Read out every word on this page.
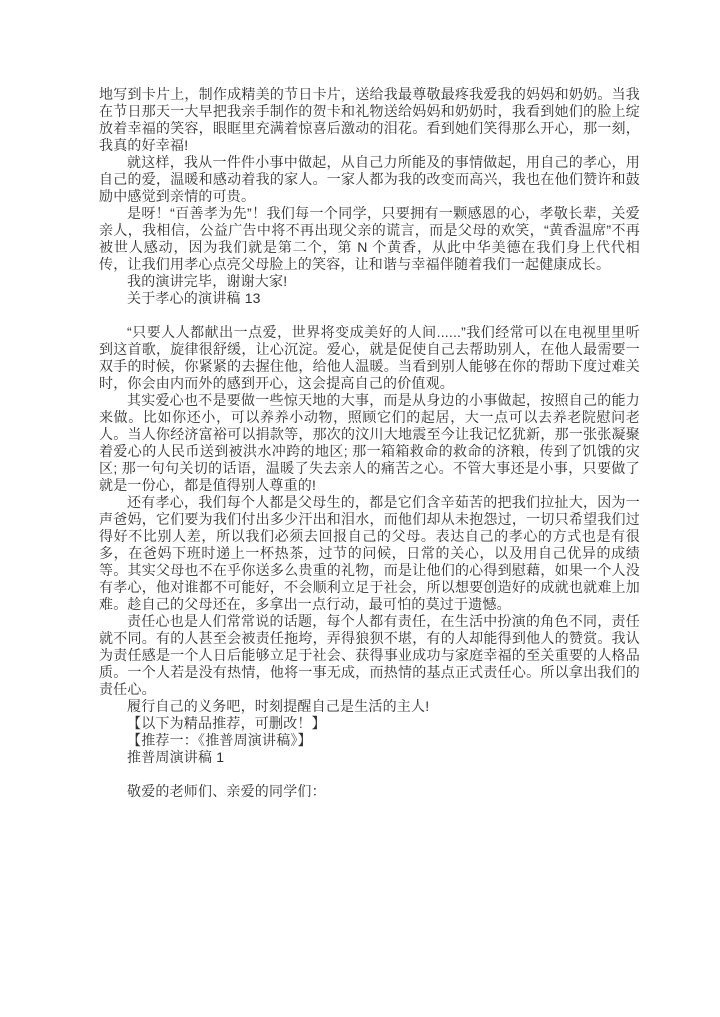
地写到卡片上，制作成精美的节日卡片，送给我最尊敬最疼我爱我的妈妈和奶奶。当我在节日那天一大早把我亲手制作的贺卡和礼物送给妈妈和奶奶时，我看到她们的脸上绽放着幸福的笑容，眼眶里充满着惊喜后激动的泪花。看到她们笑得那么开心，那一刻，我真的好幸福!

就这样，我从一件件小事中做起，从自己力所能及的事情做起，用自己的孝心，用自己的爱，温暖和感动着我的家人。一家人都为我的改变而高兴，我也在他们赞许和鼓励中感觉到亲情的可贵。

是呀！“百善孝为先”！我们每一个同学，只要拥有一颗感恩的心，孝敬长辈，关爱亲人，我相信，公益广告中将不再出现父亲的谎言，而是父母的欢笑，“黄香温席”不再被世人感动，因为我们就是第二个，第 N 个黄香，从此中华美德在我们身上代代相传，让我们用孝心点亮父母脸上的笑容，让和谐与幸福伴随着我们一起健康成长。

我的演讲完毕，谢谢大家!

关于孝心的演讲稿 13

“只要人人都献出一点爱，世界将变成美好的人间......”我们经常可以在电视里里听到这首歌，旋律很舒缓，让心沉淀。爱心，就是促使自己去帮助别人，在他人最需要一双手的时候，你紧紧的去握住他，给他人温暖。当看到别人能够在你的帮助下度过难关时，你会由内而外的感到开心，这会提高自己的价值观。

其实爱心也不是要做一些惊天地的大事，而是从身边的小事做起，按照自己的能力来做。比如你还小，可以养养小动物，照顾它们的起居，大一点可以去养老院慰问老人。当人你经济富裕可以捐款等，那次的汶川大地震至今让我记忆犹新，那一张张凝聚着爱心的人民币送到被洪水冲跨的地区; 那一箱箱救命的救命的济粮，传到了饥饿的灾区; 那一句句关切的话语，温暖了失去亲人的痛苦之心。不管大事还是小事，只要做了就是一份心，都是值得别人尊重的!

还有孝心，我们每个人都是父母生的，都是它们含辛茹苦的把我们拉扯大，因为一声爸妈，它们要为我们付出多少汗出和泪水，而他们却从未抱怨过，一切只希望我们过得好不比别人差，所以我们必须去回报自己的父母。表达自己的孝心的方式也是有很多，在爸妈下班时递上一杯热茶，过节的问候，日常的关心，以及用自己优异的成绩等。其实父母也不在乎你送多么贵重的礼物，而是让他们的心得到慰藉，如果一个人没有孝心，他对谁都不可能好，不会顺利立足于社会，所以想要创造好的成就也就难上加难。趁自己的父母还在，多拿出一点行动，最可怕的莫过于遗憾。

责任心也是人们常常说的话题，每个人都有责任，在生活中扮演的角色不同，责任就不同。有的人甚至会被责任拖垮，弄得狼狈不堪，有的人却能得到他人的赞赏。我认为责任感是一个人日后能够立足于社会、获得事业成功与家庭幸福的至关重要的人格品质。一个人若是没有热情，他将一事无成，而热情的基点正式责任心。所以拿出我们的责任心。

履行自己的义务吧，时刻提醒自己是生活的主人!

【以下为精品推荐，可删改！】

【推荐一：《推普周演讲稿》】

推普周演讲稿 1

敬爱的老师们、亲爱的同学们：
